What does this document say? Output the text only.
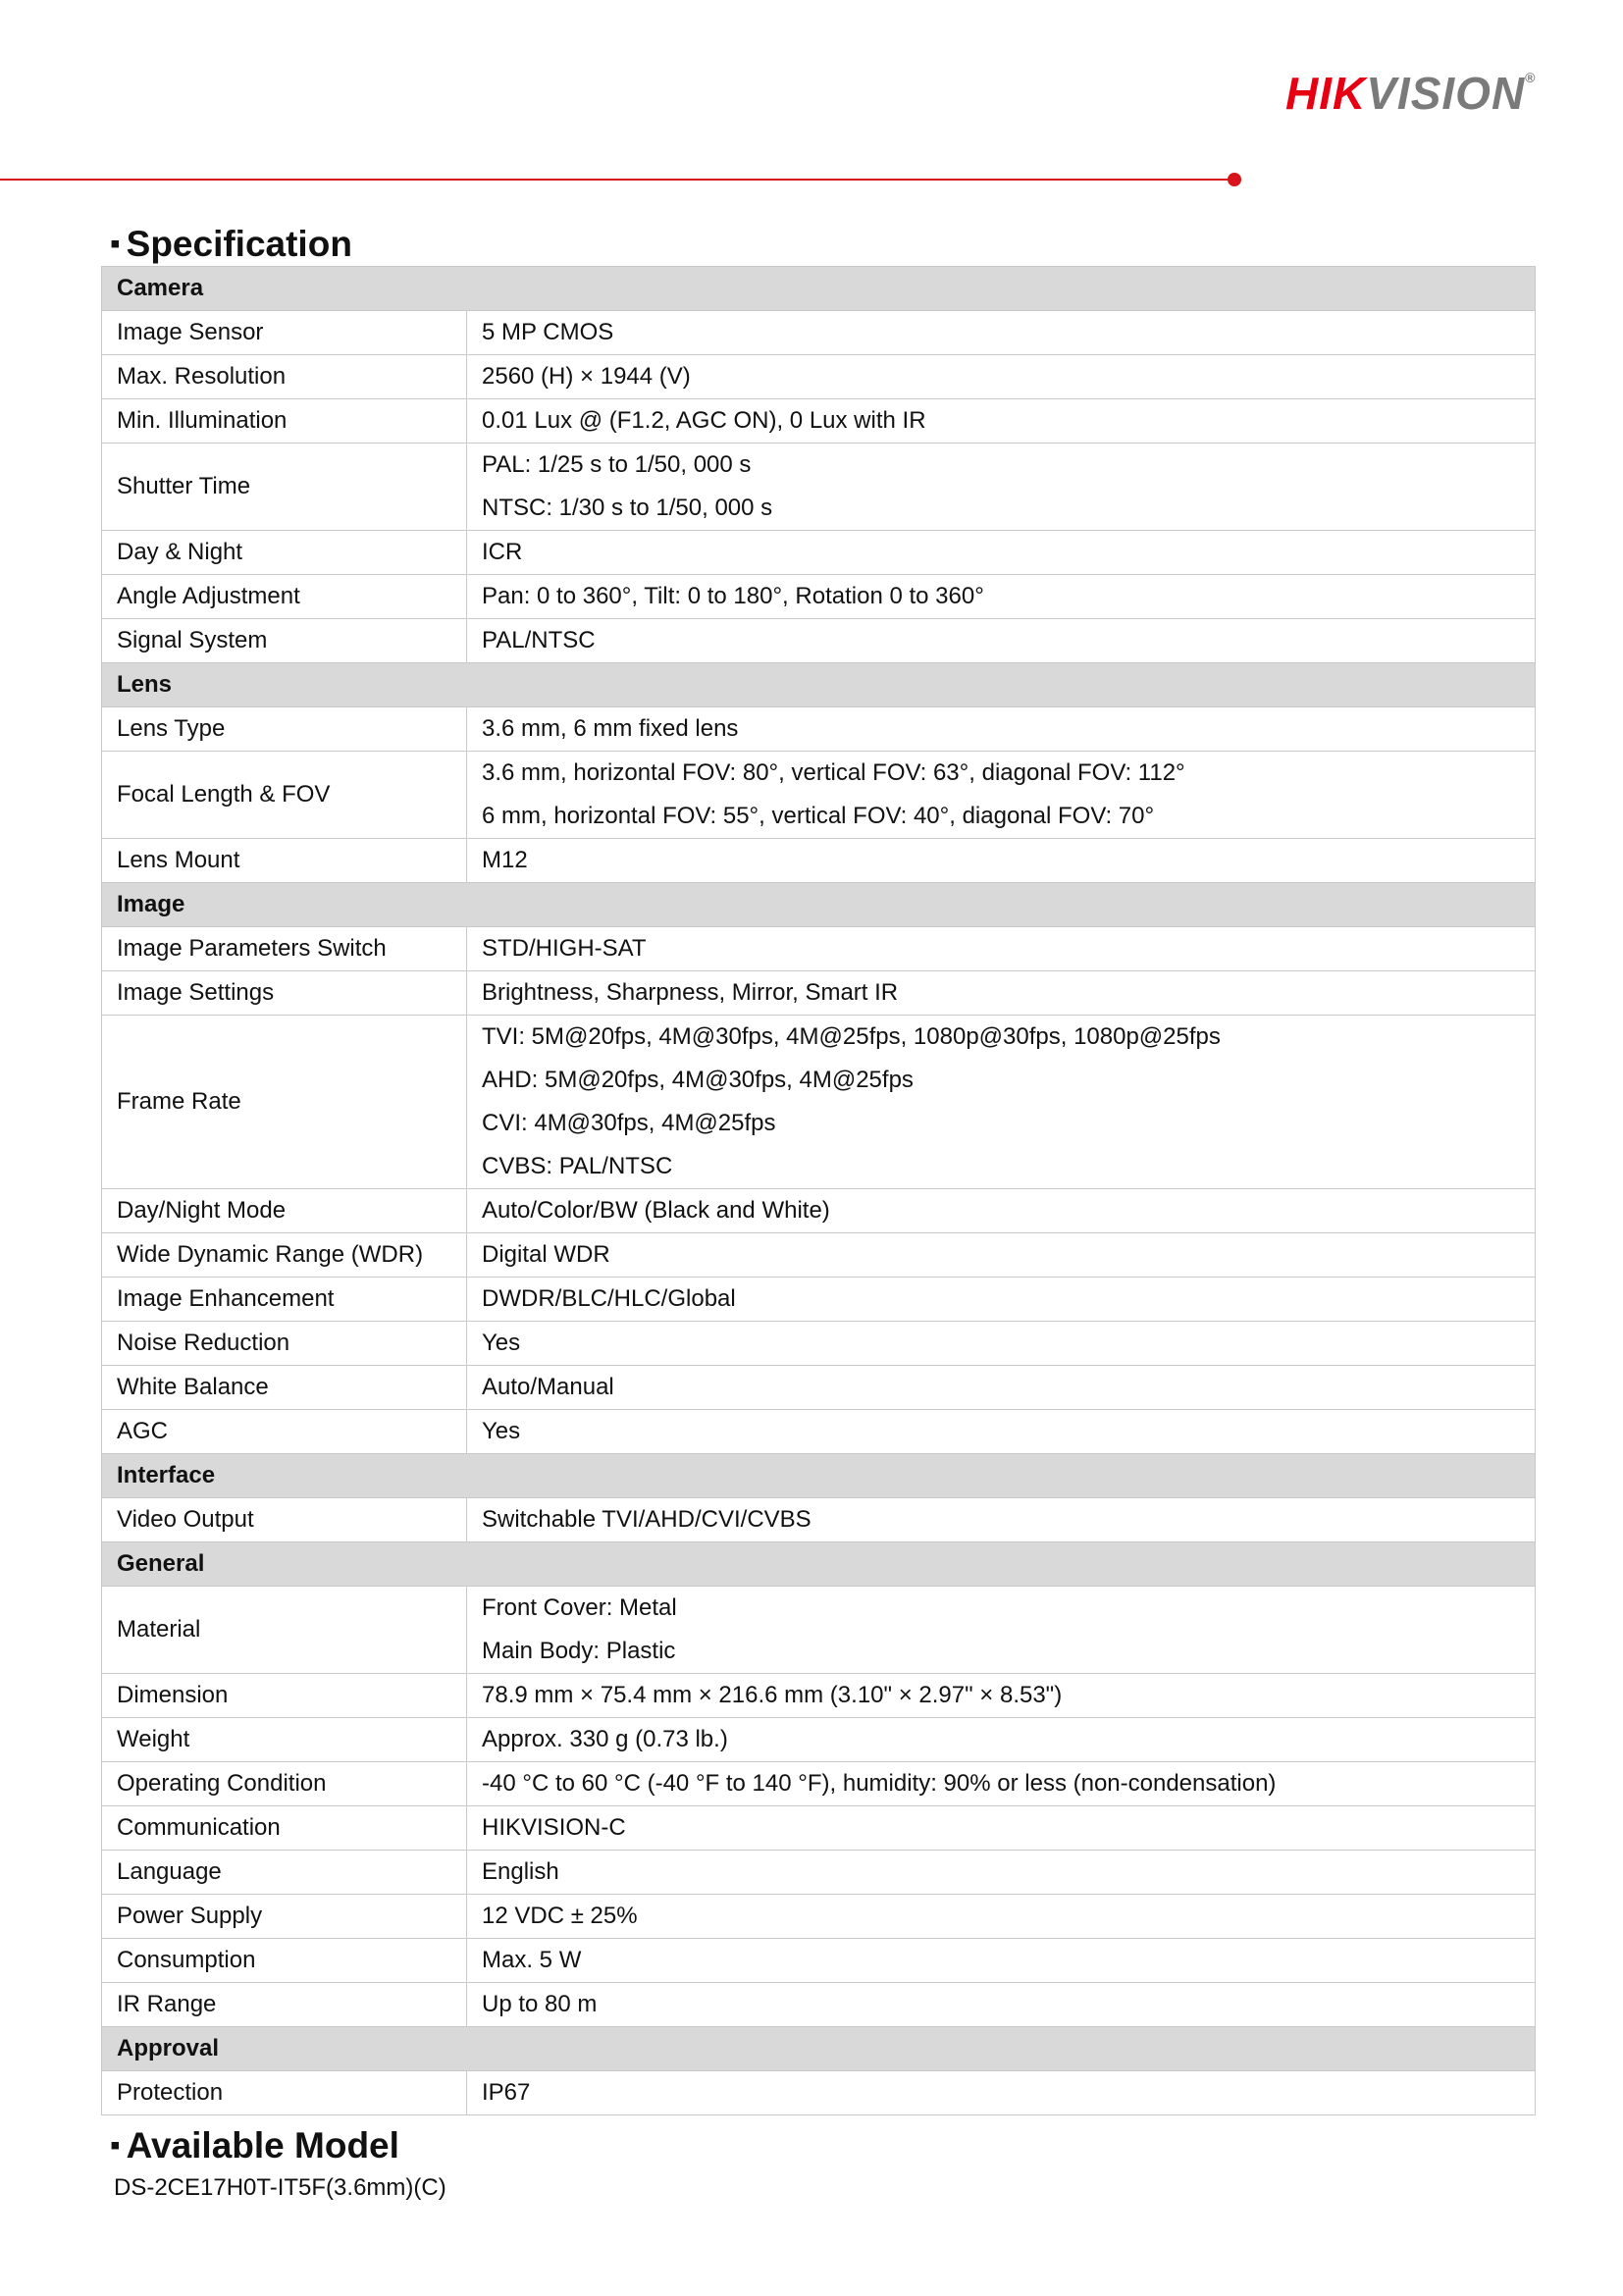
HIKVISION®
▪ Specification
Camera	
Image Sensor	5 MP CMOS

Max. Resolution	2560 (H) × 1944 (V)

Min. Illumination	0.01 Lux @ (F1.2, AGC ON), 0 Lux with IR

Shutter Time	PAL: 1/25 s to 1/50, 000 s
NTSC: 1/30 s to 1/50, 000 s

Day & Night	ICR

Angle Adjustment	Pan: 0 to 360°, Tilt: 0 to 180°, Rotation 0 to 360°

Signal System	PAL/NTSC

Lens	
Lens Type	3.6 mm, 6 mm fixed lens

Focal Length & FOV	3.6 mm, horizontal FOV: 80°, vertical FOV: 63°, diagonal FOV: 112°
6 mm, horizontal FOV: 55°, vertical FOV: 40°, diagonal FOV: 70°

Lens Mount	M12

Image	
Image Parameters Switch	STD/HIGH-SAT

Image Settings	Brightness, Sharpness, Mirror, Smart IR

Frame Rate	TVI: 5M@20fps, 4M@30fps, 4M@25fps, 1080p@30fps, 1080p@25fps
AHD: 5M@20fps, 4M@30fps, 4M@25fps
CVI: 4M@30fps, 4M@25fps
CVBS: PAL/NTSC

Day/Night Mode	Auto/Color/BW (Black and White)

Wide Dynamic Range (WDR)	Digital WDR

Image Enhancement	DWDR/BLC/HLC/Global

Noise Reduction	Yes

White Balance	Auto/Manual

AGC	Yes

Interface	
Video Output	Switchable TVI/AHD/CVI/CVBS

General	
Material	Front Cover: Metal
Main Body: Plastic

Dimension	78.9 mm × 75.4 mm × 216.6 mm (3.10" × 2.97" × 8.53")

Weight	Approx. 330 g (0.73 lb.)

Operating Condition	-40 °C to 60 °C (-40 °F to 140 °F), humidity: 90% or less (non-condensation)

Communication	HIKVISION-C

Language	English

Power Supply	12 VDC ± 25%

Consumption	Max. 5 W

IR Range	Up to 80 m

Approval	
Protection	IP67
▪ Available Model
DS-2CE17H0T-IT5F(3.6mm)(C)
